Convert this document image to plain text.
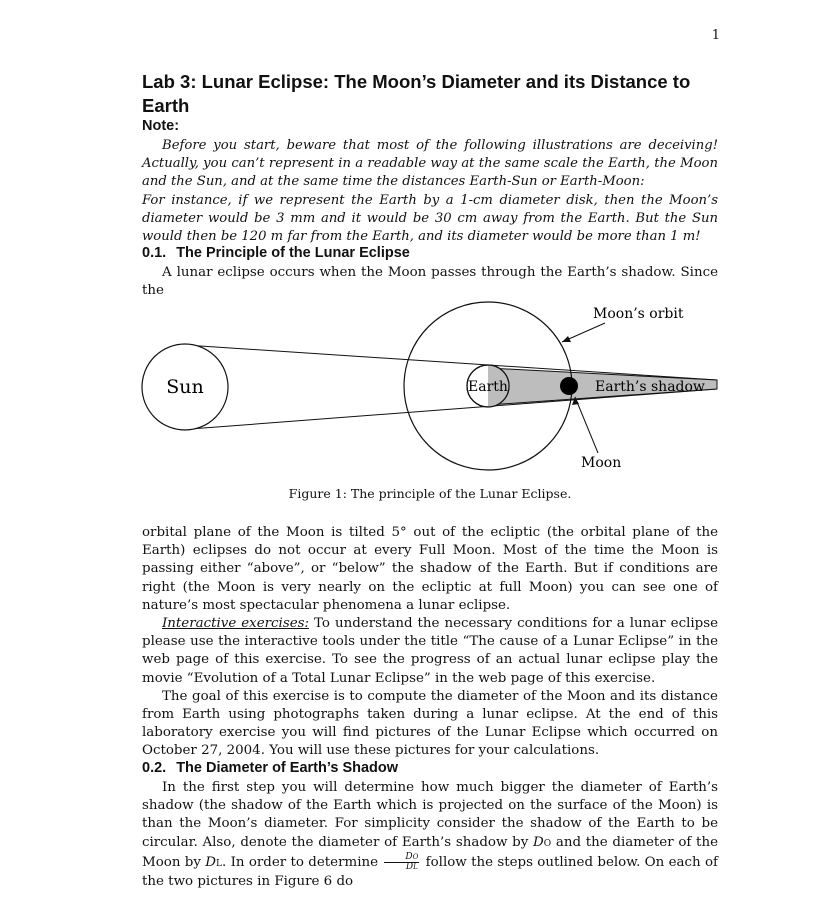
1
Lab 3: Lunar Eclipse: The Moon’s Diameter and its Distance to Earth
Note:

Before you start, beware that most of the following illustrations are deceiving! Actually, you can’t represent in a readable way at the same scale the Earth, the Moon and the Sun, and at the same time the distances Earth-Sun or Earth-Moon:

For instance, if we represent the Earth by a 1-cm diameter disk, then the Moon’s diameter would be 3 mm and it would be 30 cm away from the Earth. But the Sun would then be 120 m far from the Earth, and its diameter would be more than 1 m!

0.1. The Principle of the Lunar Eclipse

A lunar eclipse occurs when the Moon passes through the Earth’s shadow. Since the

Sun	Earth
Moon’s orbit
Earth’s shadow
Moon
Figure 1: The principle of the Lunar Eclipse.

orbital plane of the Moon is tilted 5° out of the ecliptic (the orbital plane of the Earth) eclipses do not occur at every Full Moon. Most of the time the Moon is passing either “above”, or “below” the shadow of the Earth. But if conditions are right (the Moon is very nearly on the ecliptic at full Moon) you can see one of nature’s most spectacular phenomena a lunar eclipse.

Interactive exercises: To understand the necessary conditions for a lunar eclipse please use the interactive tools under the title “The cause of a Lunar Eclipse” in the web page of this exercise. To see the progress of an actual lunar eclipse play the movie “Evolution of a Total Lunar Eclipse” in the web page of this exercise.

The goal of this exercise is to compute the diameter of the Moon and its distance from Earth using photographs taken during a lunar eclipse. At the end of this laboratory exercise you will find pictures of the Lunar Eclipse which occurred on October 27, 2004. You will use these pictures for your calculations.

0.2. The Diameter of Earth’s Shadow

In the first step you will determine how much bigger the diameter of Earth’s shadow (the shadow of the Earth which is projected on the surface of the Moon) is than the Moon’s diameter. For simplicity consider the shadow of the Earth to be circular. Also, denote the diameter of Earth’s shadow by DO and the diameter of the Moon by DL. In order to determine $\frac{DO}{DL}$ follow the steps outlined below. On each of the two pictures in Figure 6 do
